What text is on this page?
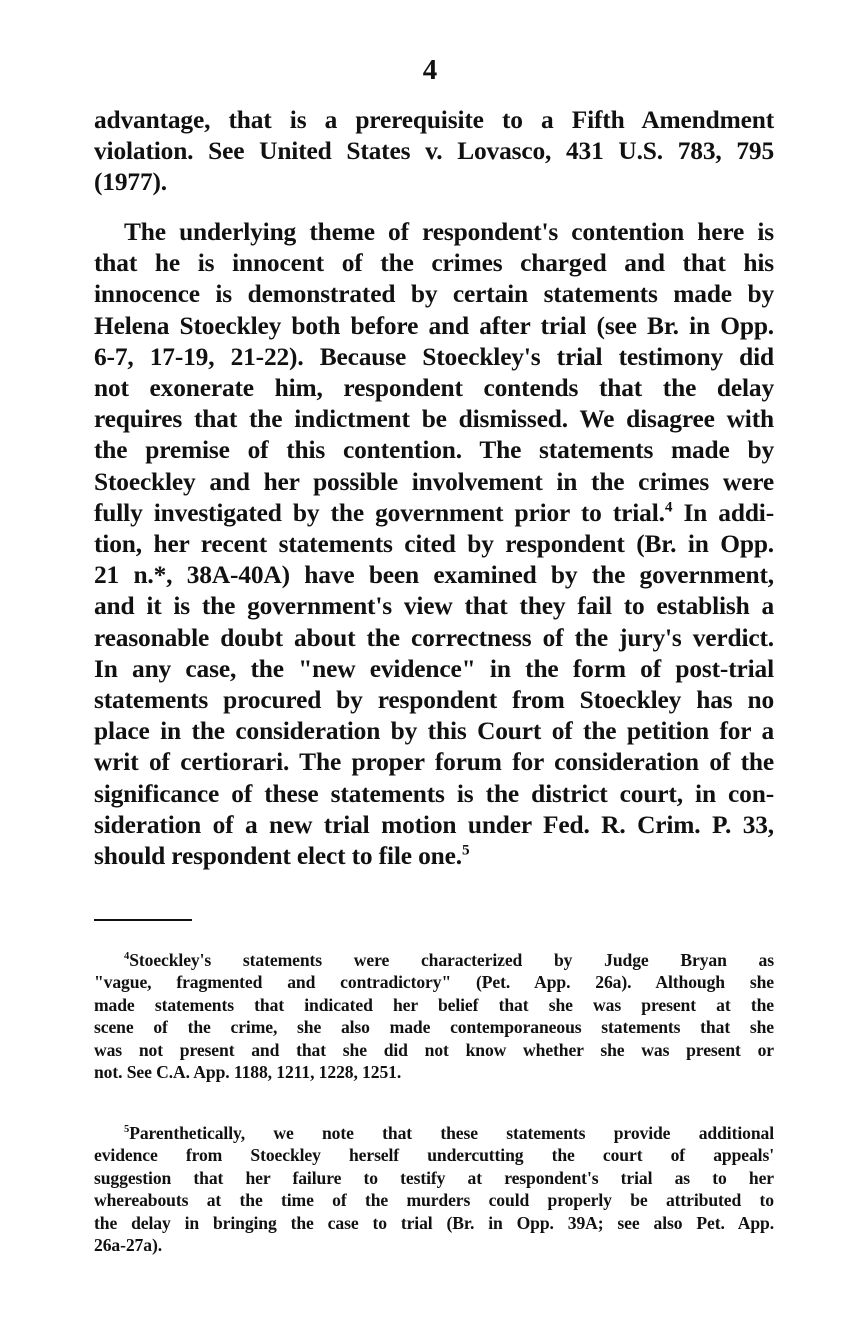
4
advantage, that is a prerequisite to a Fifth Amendment
violation. See United States v. Lovasco, 431 U.S. 783, 795
(1977).
The underlying theme of respondent's contention here is
that he is innocent of the crimes charged and that his
innocence is demonstrated by certain statements made by
Helena Stoeckley both before and after trial (see Br. in Opp.
6-7, 17-19, 21-22). Because Stoeckley's trial testimony did
not exonerate him, respondent contends that the delay
requires that the indictment be dismissed. We disagree with
the premise of this contention. The statements made by
Stoeckley and her possible involvement in the crimes were
fully investigated by the government prior to trial.$^4$ In addi-
tion, her recent statements cited by respondent (Br. in Opp.
21 n.*, 38A-40A) have been examined by the government,
and it is the government's view that they fail to establish a
reasonable doubt about the correctness of the jury's verdict.
In any case, the "new evidence" in the form of post-trial
statements procured by respondent from Stoeckley has no
place in the consideration by this Court of the petition for a
writ of certiorari. The proper forum for consideration of the
significance of these statements is the district court, in con-
sideration of a new trial motion under Fed. R. Crim. P. 33,
should respondent elect to file one.$^5$
$^4$Stoeckley's statements were characterized by Judge Bryan as
"vague, fragmented and contradictory" (Pet. App. 26a). Although she
made statements that indicated her belief that she was present at the
scene of the crime, she also made contemporaneous statements that she
was not present and that she did not know whether she was present or
not. See C.A. App. 1188, 1211, 1228, 1251.
$^5$Parenthetically, we note that these statements provide additional
evidence from Stoeckley herself undercutting the court of appeals'
suggestion that her failure to testify at respondent's trial as to her
whereabouts at the time of the murders could properly be attributed to
the delay in bringing the case to trial (Br. in Opp. 39A; see also Pet. App.
26a-27a).
